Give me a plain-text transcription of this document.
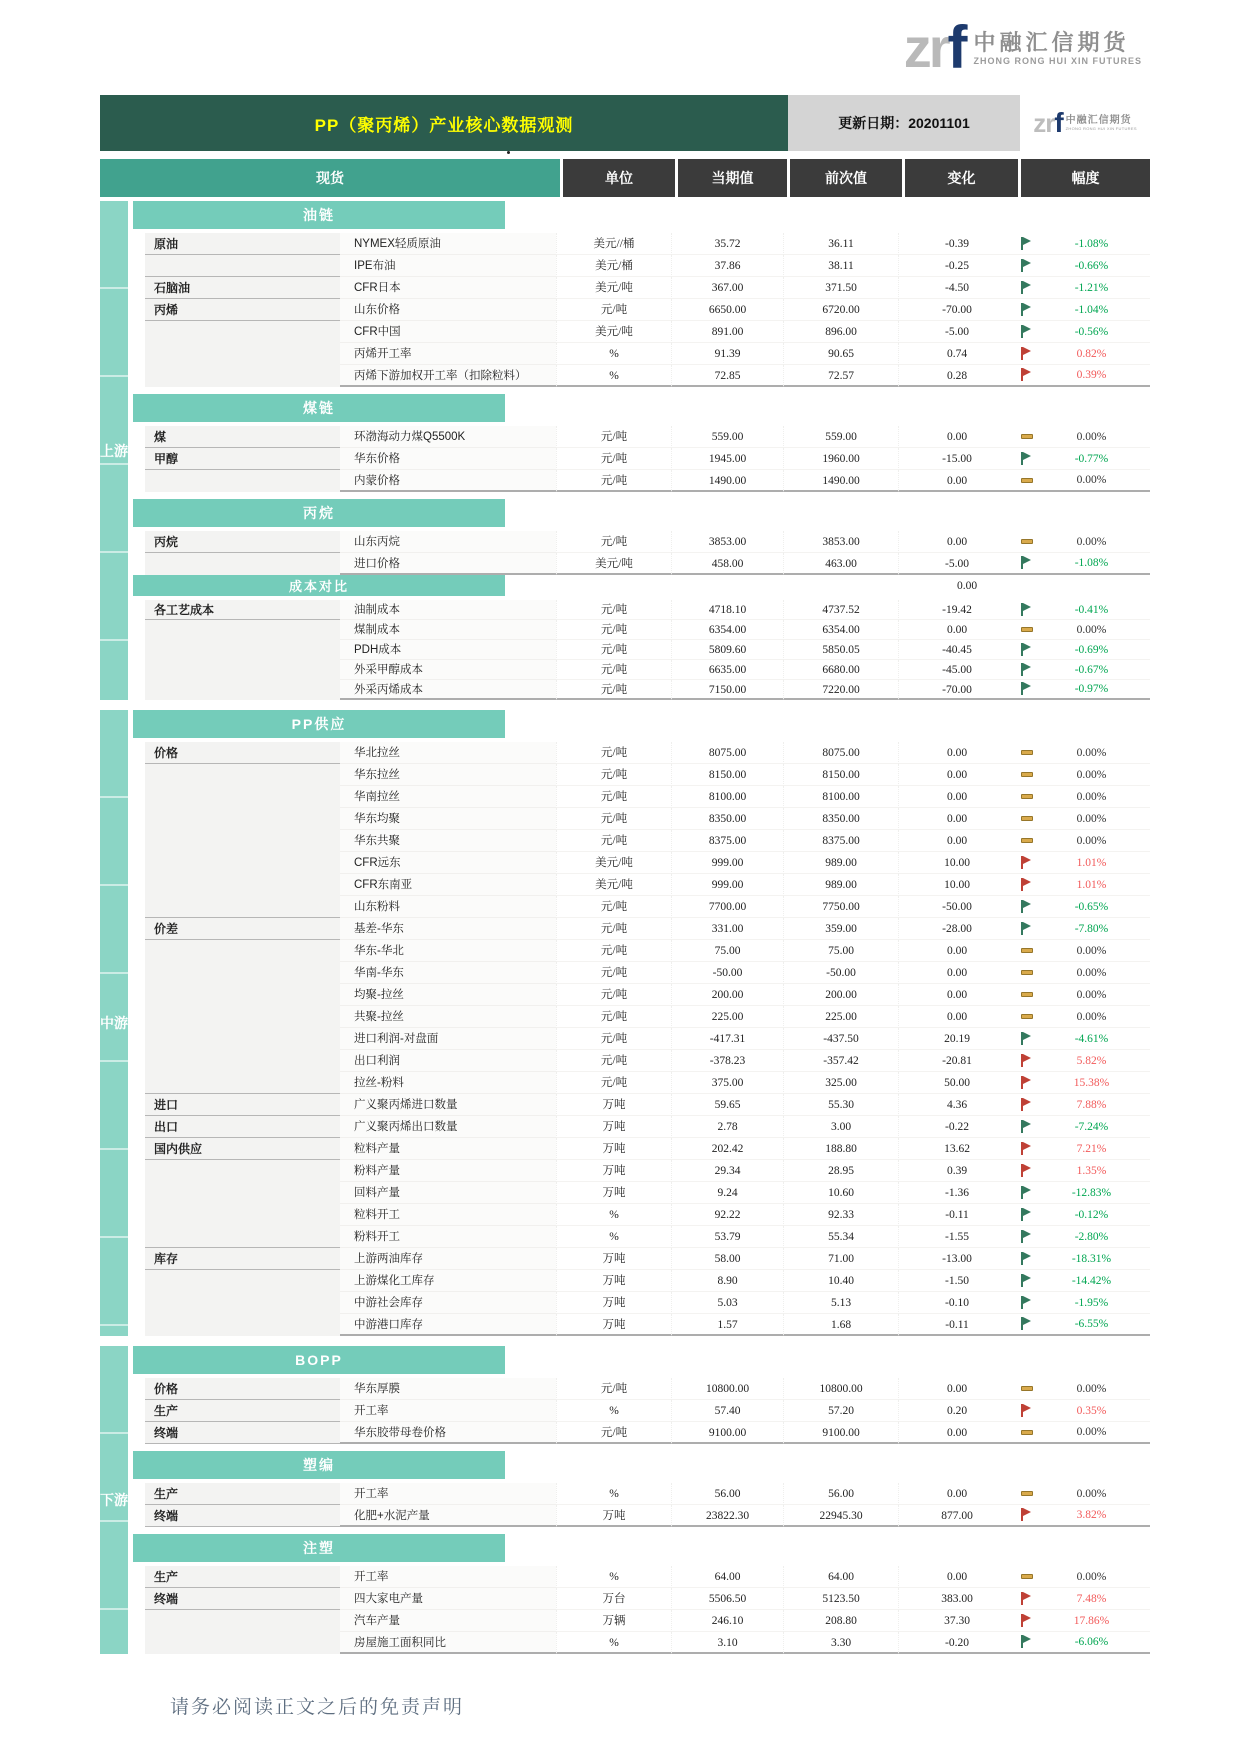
zr f 中融汇信期货
ZHONG RONG HUI XIN FUTURES
PP（聚丙烯）产业核心数据观测	更新日期：20201101	zr f 中融汇信期货
ZHONG RONG HUI XIN FUTURES
现货	单位	当期值	前次值	变化	幅度
上游
油链
原油	NYMEX轻质原油	美元//桶	35.72	36.11	-0.39	-1.08%
IPE布油	美元/桶	37.86	38.11	-0.25	-0.66%
石脑油	CFR日本	美元/吨	367.00	371.50	-4.50	-1.21%
丙烯	山东价格	元/吨	6650.00	6720.00	-70.00	-1.04%
CFR中国	美元/吨	891.00	896.00	-5.00	-0.56%
丙烯开工率	%	91.39	90.65	0.74	0.82%
丙烯下游加权开工率（扣除粒料）	%	72.85	72.57	0.28	0.39%
煤链
煤	环渤海动力煤Q5500K	元/吨	559.00	559.00	0.00	0.00%
甲醇	华东价格	元/吨	1945.00	1960.00	-15.00	-0.77%
内蒙价格	元/吨	1490.00	1490.00	0.00	0.00%
丙烷
丙烷	山东丙烷	元/吨	3853.00	3853.00	0.00	0.00%
进口价格	美元/吨	458.00	463.00	-5.00	-1.08%
成本对比	0.00
各工艺成本	油制成本	元/吨	4718.10	4737.52	-19.42	-0.41%
煤制成本	元/吨	6354.00	6354.00	0.00	0.00%
PDH成本	元/吨	5809.60	5850.05	-40.45	-0.69%
外采甲醇成本	元/吨	6635.00	6680.00	-45.00	-0.67%
外采丙烯成本	元/吨	7150.00	7220.00	-70.00	-0.97%
中游
PP供应
价格	华北拉丝	元/吨	8075.00	8075.00	0.00	0.00%
华东拉丝	元/吨	8150.00	8150.00	0.00	0.00%
华南拉丝	元/吨	8100.00	8100.00	0.00	0.00%
华东均聚	元/吨	8350.00	8350.00	0.00	0.00%
华东共聚	元/吨	8375.00	8375.00	0.00	0.00%
CFR远东	美元/吨	999.00	989.00	10.00	1.01%
CFR东南亚	美元/吨	999.00	989.00	10.00	1.01%
山东粉料	元/吨	7700.00	7750.00	-50.00	-0.65%
价差	基差-华东	元/吨	331.00	359.00	-28.00	-7.80%
华东-华北	元/吨	75.00	75.00	0.00	0.00%
华南-华东	元/吨	-50.00	-50.00	0.00	0.00%
均聚-拉丝	元/吨	200.00	200.00	0.00	0.00%
共聚-拉丝	元/吨	225.00	225.00	0.00	0.00%
进口利润-对盘面	元/吨	-417.31	-437.50	20.19	-4.61%
出口利润	元/吨	-378.23	-357.42	-20.81	5.82%
拉丝-粉料	元/吨	375.00	325.00	50.00	15.38%
进口	广义聚丙烯进口数量	万吨	59.65	55.30	4.36	7.88%
出口	广义聚丙烯出口数量	万吨	2.78	3.00	-0.22	-7.24%
国内供应	粒料产量	万吨	202.42	188.80	13.62	7.21%
粉料产量	万吨	29.34	28.95	0.39	1.35%
回料产量	万吨	9.24	10.60	-1.36	-12.83%
粒料开工	%	92.22	92.33	-0.11	-0.12%
粉料开工	%	53.79	55.34	-1.55	-2.80%
库存	上游两油库存	万吨	58.00	71.00	-13.00	-18.31%
上游煤化工库存	万吨	8.90	10.40	-1.50	-14.42%
中游社会库存	万吨	5.03	5.13	-0.10	-1.95%
中游港口库存	万吨	1.57	1.68	-0.11	-6.55%
下游
BOPP
价格	华东厚膜	元/吨	10800.00	10800.00	0.00	0.00%
生产	开工率	%	57.40	57.20	0.20	0.35%
终端	华东胶带母卷价格	元/吨	9100.00	9100.00	0.00	0.00%
塑编
生产	开工率	%	56.00	56.00	0.00	0.00%
终端	化肥+水泥产量	万吨	23822.30	22945.30	877.00	3.82%
注塑
生产	开工率	%	64.00	64.00	0.00	0.00%
终端	四大家电产量	万台	5506.50	5123.50	383.00	7.48%
汽车产量	万辆	246.10	208.80	37.30	17.86%
房屋施工面积同比	%	3.10	3.30	-0.20	-6.06%
请务必阅读正文之后的免责声明
